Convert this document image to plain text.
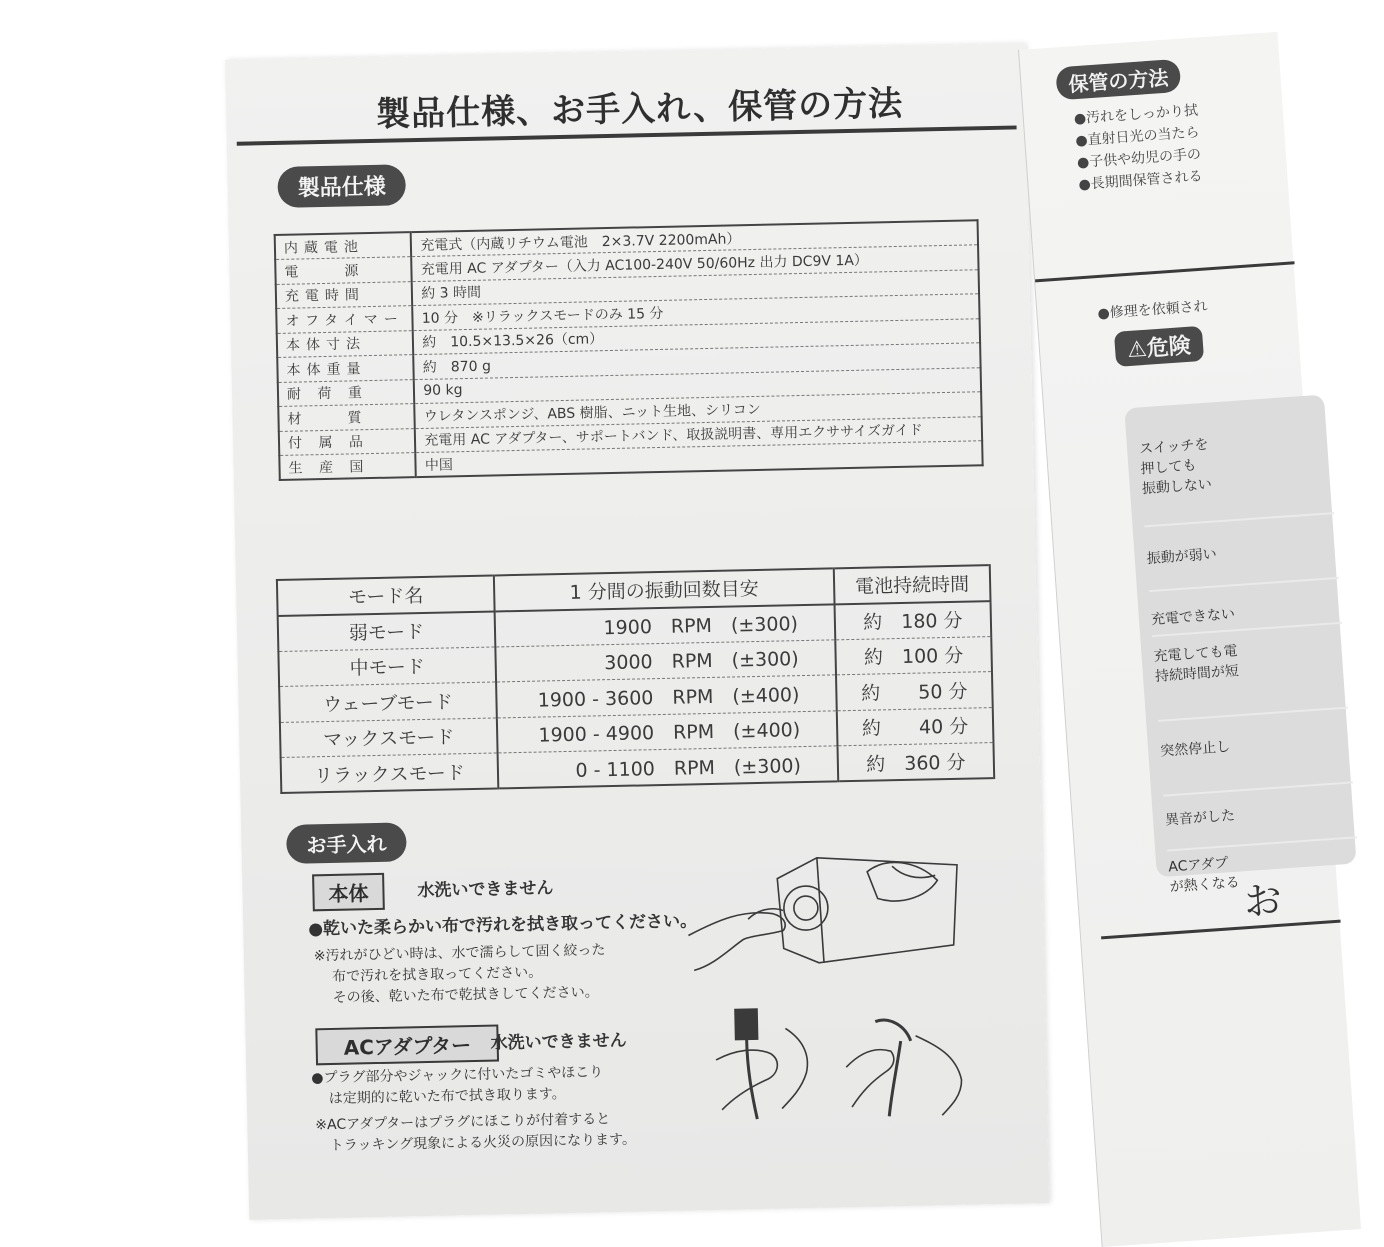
製品仕様、お手入れ、保管の方法
製品仕様
内蔵電池	充電式（内蔵リチウム電池　2×3.7V 2200mAh）
電　　源	充電用 AC アダプター（入力 AC100-240V 50/60Hz 出力 DC9V 1A）
充電時間	約 3 時間
オフタイマー	10 分　※リラックスモードのみ 15 分
本体寸法	約　10.5×13.5×26（cm）
本体重量	約　870 g
耐 荷 重	90 kg
材　　質	ウレタンスポンジ、ABS 樹脂、ニット生地、シリコン
付 属 品	充電用 AC アダプター、サポートバンド、取扱説明書、専用エクササイズガイド
生 産 国	中国
モード名	1 分間の振動回数目安	電池持続時間
弱モード	1900　RPM　(±300)	約　180 分
中モード	3000　RPM　(±300)	約　100 分
ウェーブモード	1900 - 3600　RPM　(±400)	約　　50 分
マックスモード	1900 - 4900　RPM　(±400)	約　　40 分
リラックスモード	0 - 1100　RPM　(±300)	約　360 分
お手入れ
本体	水洗いできません
●乾いた柔らかい布で汚れを拭き取ってください。
※汚れがひどい時は、水で濡らして固く絞った
布で汚れを拭き取ってください。
その後、乾いた布で乾拭きしてください。
ACアダプター	水洗いできません
●プラグ部分やジャックに付いたゴミやほこり
は定期的に乾いた布で拭き取ります。
※ACアダプターはプラグにほこりが付着すると
トラッキング現象による火災の原因になります。
保管の方法
●汚れをしっかり拭
●直射日光の当たら
●子供や幼児の手の
●長期間保管される
●修理を依頼され
⚠危険
スイッチを
押しても
振動しない
振動が弱い
充電できない
充電しても電
持続時間が短
突然停止し
異音がした
ACアダプ
が熱くなる お
